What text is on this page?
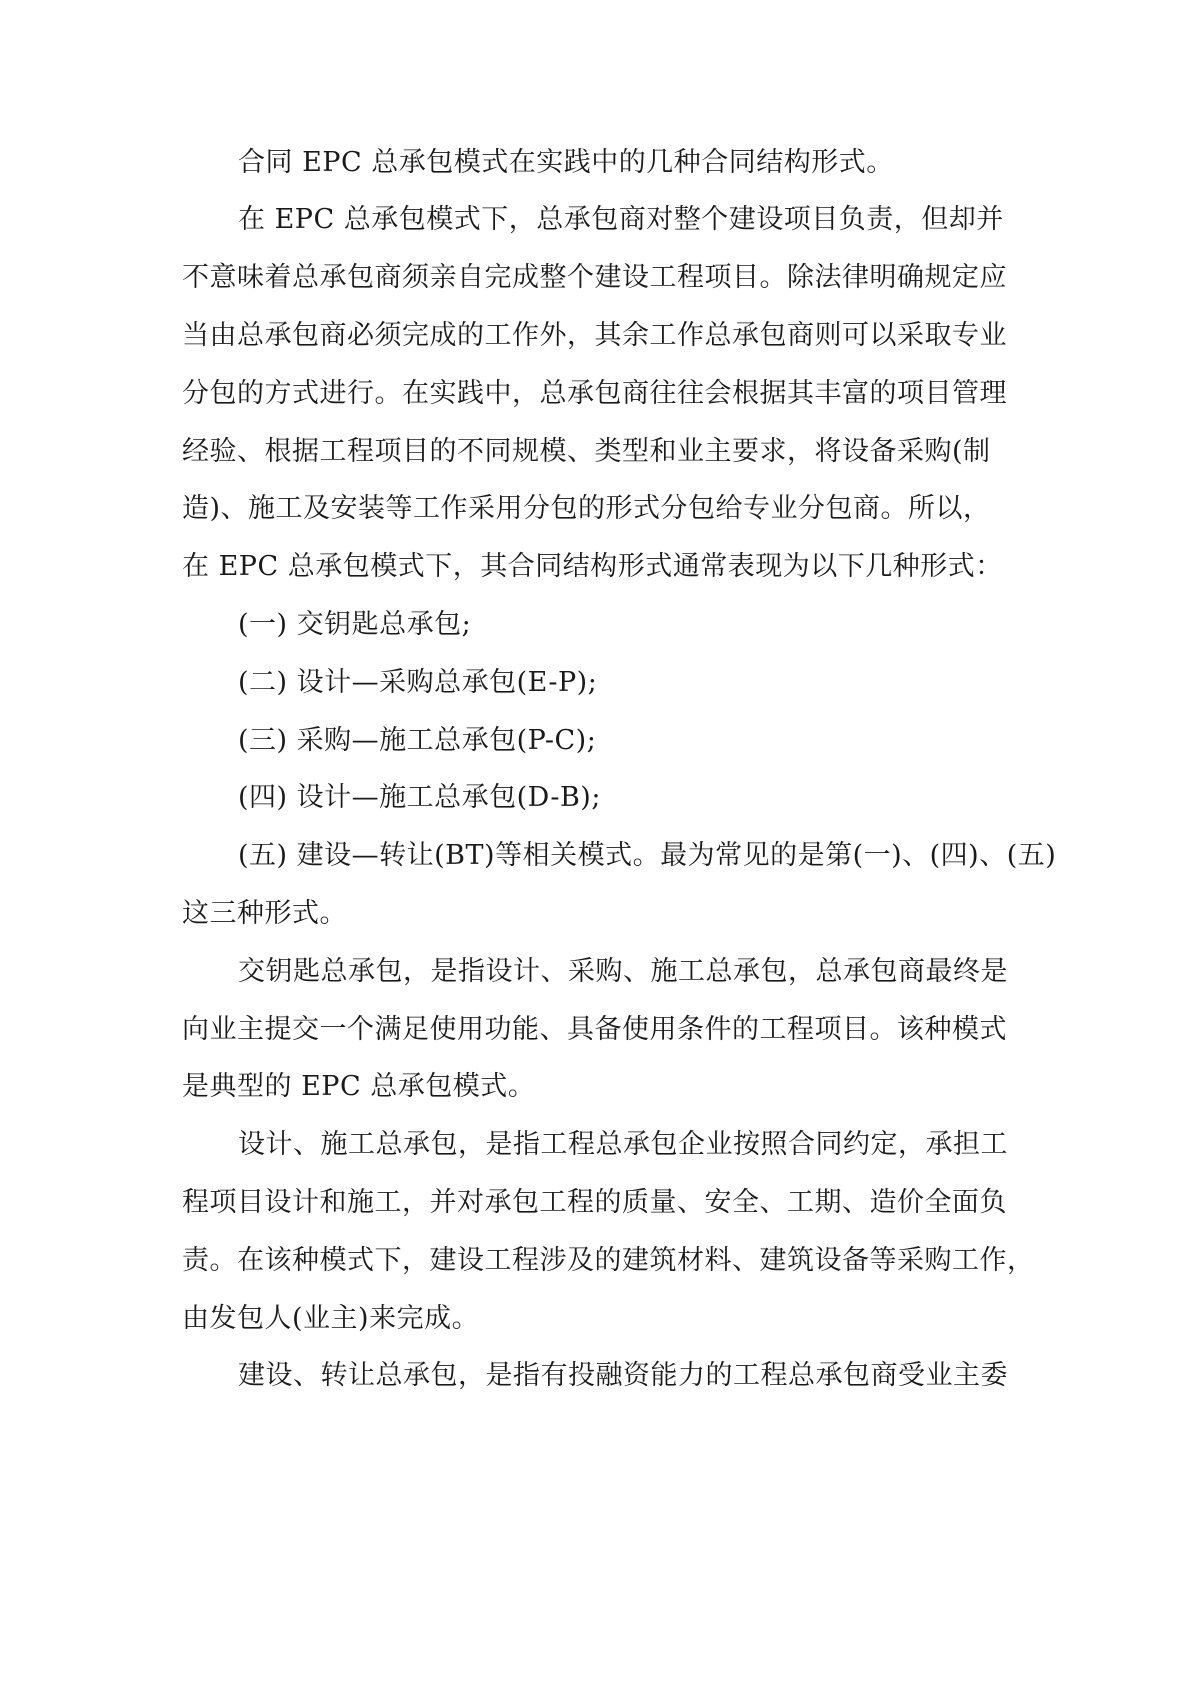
合同 EPC 总承包模式在实践中的几种合同结构形式。
在 EPC 总承包模式下，总承包商对整个建设项目负责，但却并
不意味着总承包商须亲自完成整个建设工程项目。除法律明确规定应
当由总承包商必须完成的工作外，其余工作总承包商则可以采取专业
分包的方式进行。在实践中，总承包商往往会根据其丰富的项目管理
经验、根据工程项目的不同规模、类型和业主要求，将设备采购(制
造)、施工及安装等工作采用分包的形式分包给专业分包商。所以，
在 EPC 总承包模式下，其合同结构形式通常表现为以下几种形式：
(一) 交钥匙总承包;
(二) 设计—采购总承包(E-P);
(三) 采购—施工总承包(P-C);
(四) 设计—施工总承包(D-B);
(五) 建设—转让(BT)等相关模式。最为常见的是第(一)、(四)、(五)
这三种形式。
交钥匙总承包，是指设计、采购、施工总承包，总承包商最终是
向业主提交一个满足使用功能、具备使用条件的工程项目。该种模式
是典型的 EPC 总承包模式。
设计、施工总承包，是指工程总承包企业按照合同约定，承担工
程项目设计和施工，并对承包工程的质量、安全、工期、造价全面负
责。在该种模式下，建设工程涉及的建筑材料、建筑设备等采购工作，
由发包人(业主)来完成。
建设、转让总承包，是指有投融资能力的工程总承包商受业主委
